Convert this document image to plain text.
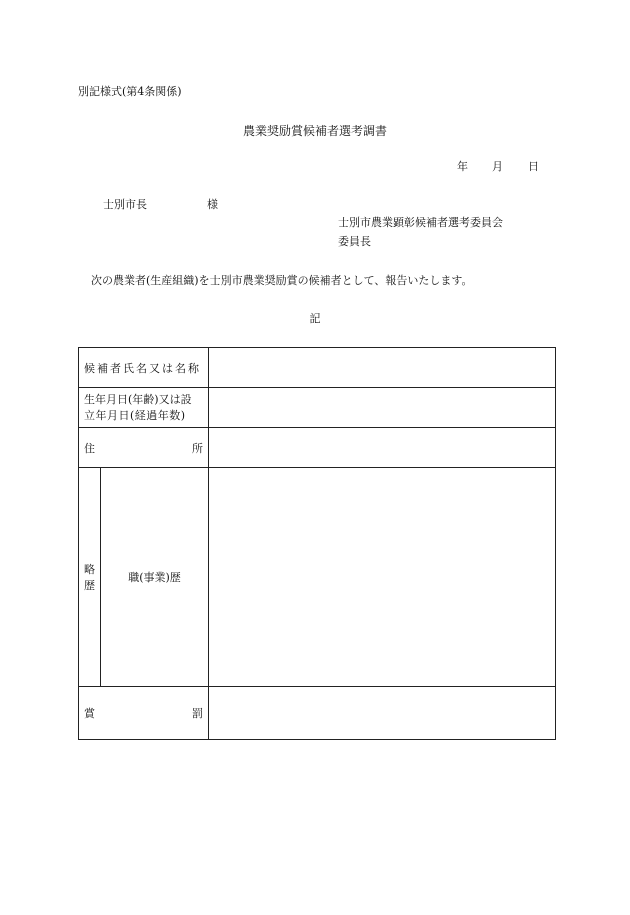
別記様式(第4条関係)
農業奨励賞候補者選考調書
年 月 日
士別市長	様
士別市農業顕彰候補者選考委員会
委員長
次の農業者(生産組織)を士別市農業奨励賞の候補者として、報告いたします。
記
候補者氏名又は名称		

生年月日(年齢)又は設
立年月日(経過年数)		

住 所		

略
歴	職(事業)歴	

賞 罰		
